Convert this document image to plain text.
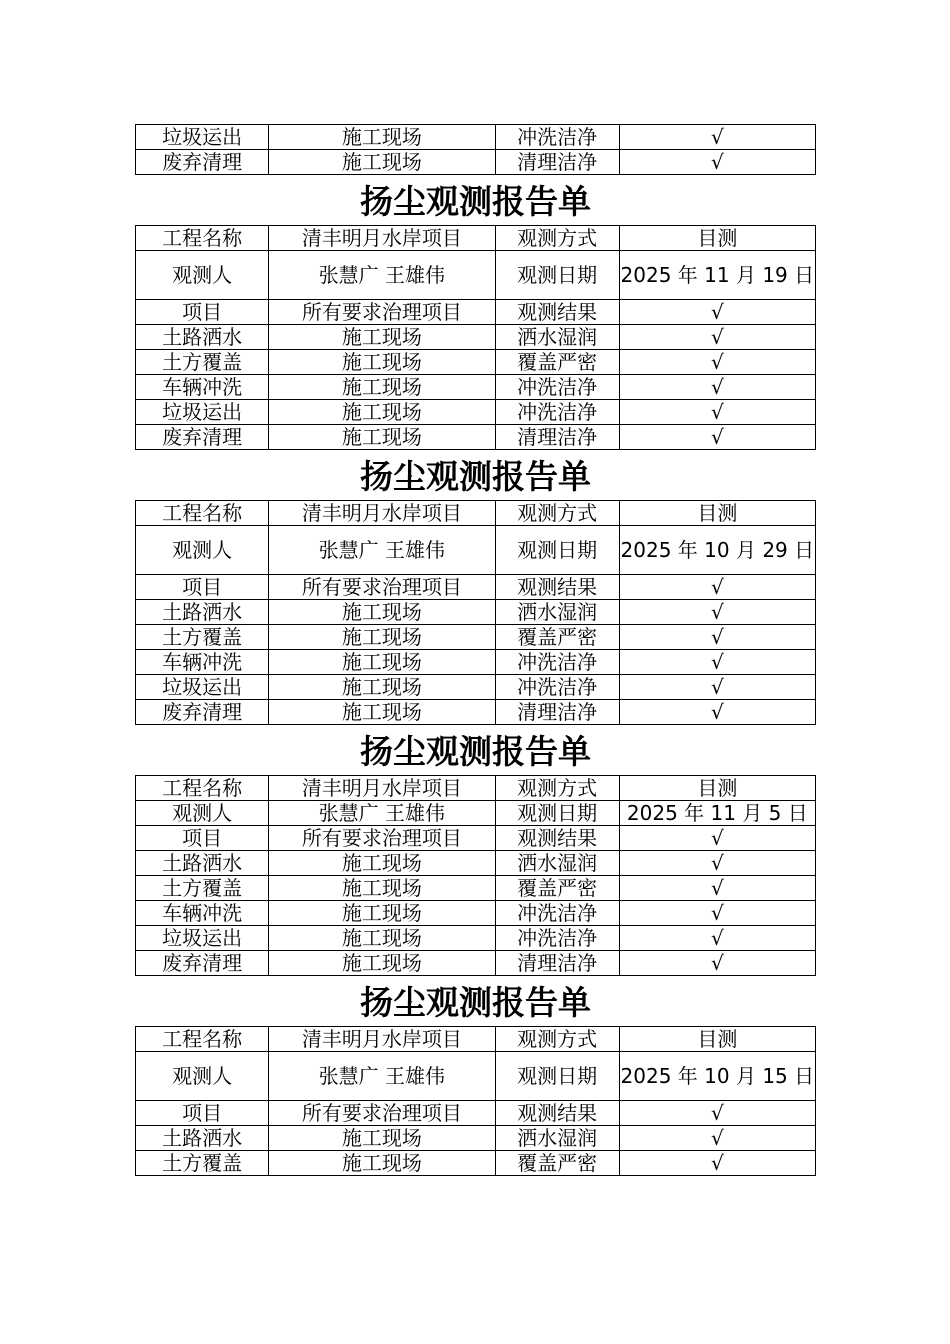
垃圾运出	施工现场	冲洗洁净	√
废弃清理	施工现场	清理洁净	√
扬尘观测报告单
工程名称	清丰明月水岸项目	观测方式	目测
观测人	张慧广 王雄伟	观测日期	2025 年 11 月 19 日
项目	所有要求治理项目	观测结果	√
土路洒水	施工现场	洒水湿润	√
土方覆盖	施工现场	覆盖严密	√
车辆冲洗	施工现场	冲洗洁净	√
垃圾运出	施工现场	冲洗洁净	√
废弃清理	施工现场	清理洁净	√
扬尘观测报告单
工程名称	清丰明月水岸项目	观测方式	目测
观测人	张慧广 王雄伟	观测日期	2025 年 10 月 29 日
项目	所有要求治理项目	观测结果	√
土路洒水	施工现场	洒水湿润	√
土方覆盖	施工现场	覆盖严密	√
车辆冲洗	施工现场	冲洗洁净	√
垃圾运出	施工现场	冲洗洁净	√
废弃清理	施工现场	清理洁净	√
扬尘观测报告单
工程名称	清丰明月水岸项目	观测方式	目测
观测人	张慧广 王雄伟	观测日期	2025 年 11 月 5 日
项目	所有要求治理项目	观测结果	√
土路洒水	施工现场	洒水湿润	√
土方覆盖	施工现场	覆盖严密	√
车辆冲洗	施工现场	冲洗洁净	√
垃圾运出	施工现场	冲洗洁净	√
废弃清理	施工现场	清理洁净	√
扬尘观测报告单
工程名称	清丰明月水岸项目	观测方式	目测
观测人	张慧广 王雄伟	观测日期	2025 年 10 月 15 日
项目	所有要求治理项目	观测结果	√
土路洒水	施工现场	洒水湿润	√
土方覆盖	施工现场	覆盖严密	√
